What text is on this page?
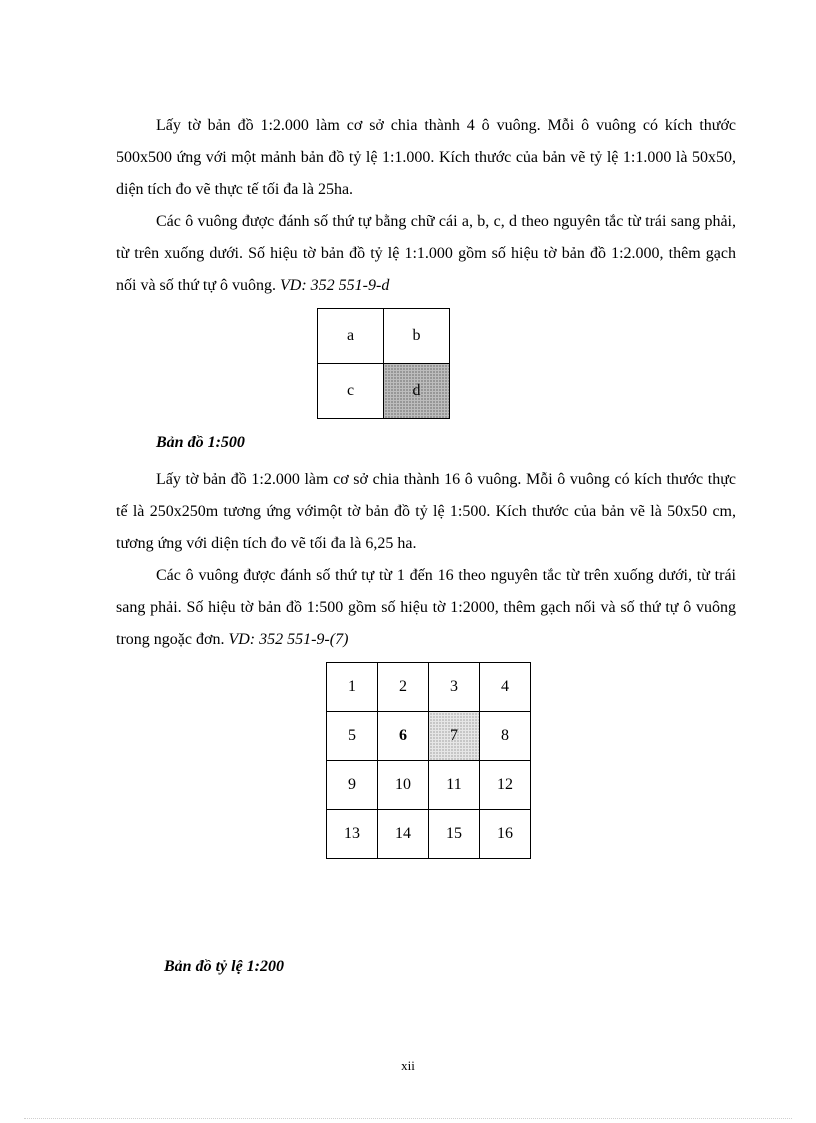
Lấy tờ bản đồ 1:2.000 làm cơ sở chia thành 4 ô vuông. Mỗi ô vuông có kích thước 500x500 ứng với một mảnh bản đồ tỷ lệ 1:1.000. Kích thước của bản vẽ tỷ lệ 1:1.000 là 50x50, diện tích đo vẽ thực tế tối đa là 25ha.

Các ô vuông được đánh số thứ tự bằng chữ cái a, b, c, d theo nguyên tắc từ trái sang phải, từ trên xuống dưới. Số hiệu tờ bản đồ tỷ lệ 1:1.000 gồm số hiệu tờ bản đồ 1:2.000, thêm gạch nối và số thứ tự ô vuông. VD: 352 551-9-d

a	b
c	d

Bản đồ 1:500

Lấy tờ bản đồ 1:2.000 làm cơ sở chia thành 16 ô vuông. Mỗi ô vuông có kích thước thực tế là 250x250m tương ứng vớimột tờ bản đồ tỷ lệ 1:500. Kích thước của bản vẽ là 50x50 cm, tương ứng với diện tích đo vẽ tối đa là 6,25 ha.

Các ô vuông được đánh số thứ tự từ 1 đến 16 theo nguyên tắc từ trên xuống dưới, từ trái sang phải. Số hiệu tờ bản đồ 1:500 gồm số hiệu tờ 1:2000, thêm gạch nối và số thứ tự ô vuông trong ngoặc đơn. VD: 352 551-9-(7)

1	2	3	4
5	6	7	8
9	10	11	12
13	14	15	16

Bản đồ tỷ lệ 1:200

xii
